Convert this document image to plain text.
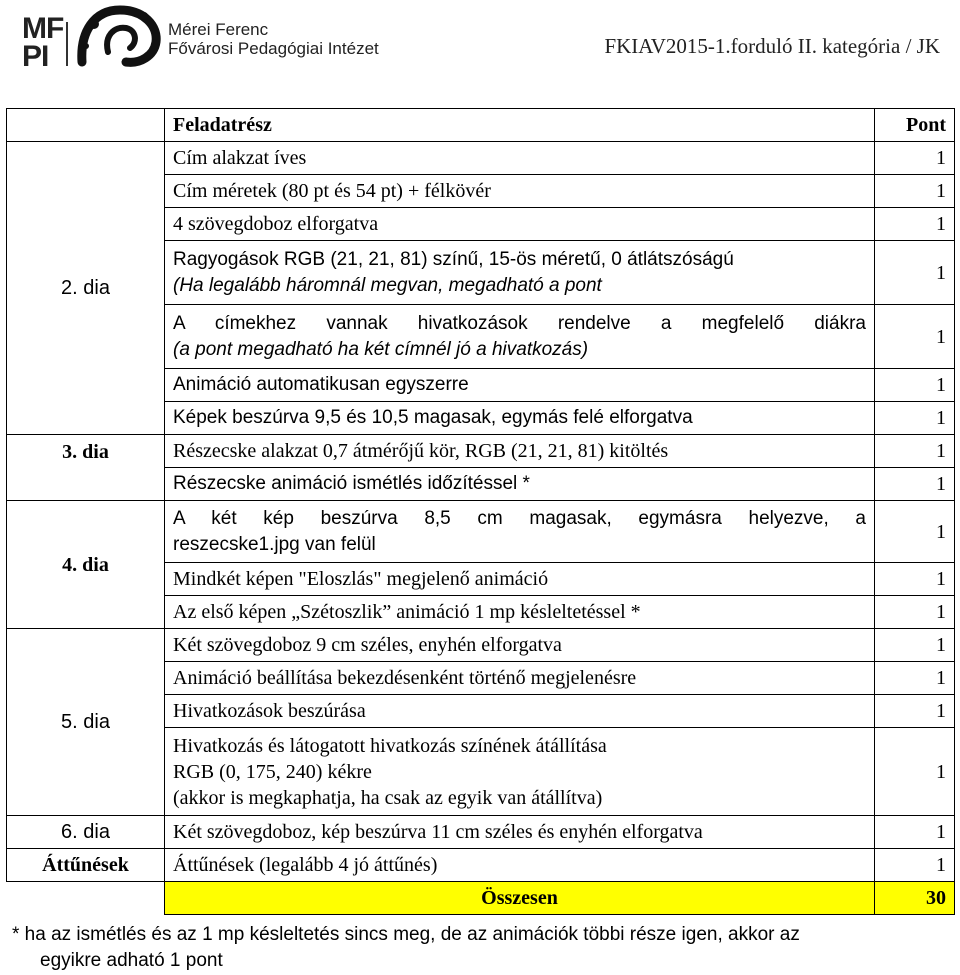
MF
PI
Mérei Ferenc
Fővárosi Pedagógiai Intézet	FKIAV2015-1.forduló II. kategória / JK
	Feladatrész	Pont
2. dia	Cím alakzat íves	1
	Cím méretek (80 pt és 54 pt) + félkövér	1
	4 szövegdoboz elforgatva	1

	Ragyogások RGB (21, 21, 81) színű, 15-ös méretű, 0 átlátszóságú
(Ha legalább háromnál megvan, megadható a pont	1

	A címekhez vannak hivatkozások rendelve a megfelelő diákra
(a pont megadható ha két címnél jó a hivatkozás)	1
	Animáció automatikusan egyszerre	1
	Képek beszúrva 9,5 és 10,5 magasak, egymás felé elforgatva	1
3. dia	Részecske alakzat 0,7 átmérőjű kör, RGB (21, 21, 81) kitöltés	1
	Részecske animáció ismétlés időzítéssel *	1
4. dia	A két kép beszúrva 8,5 cm magasak, egymásra helyezve, a
reszecske1.jpg van felül	1
	Mindkét képen "Eloszlás" megjelenő animáció	1
	Az első képen „Szétoszlik” animáció 1 mp késleltetéssel *	1
5. dia	Két szövegdoboz 9 cm széles, enyhén elforgatva	1
	Animáció beállítása bekezdésenként történő megjelenésre	1
	Hivatkozások beszúrása	1

	Hivatkozás és látogatott hivatkozás színének átállítása
RGB (0, 175, 240) kékre
(akkor is megkaphatja, ha csak az egyik van átállítva)	1
6. dia	Két szövegdoboz, kép beszúrva 11 cm széles és enyhén elforgatva	1
Áttűnések	Áttűnések (legalább 4 jó áttűnés)	1
	Összesen	30
* ha az ismétlés és az 1 mp késleltetés sincs meg, de az animációk többi része igen, akkor az
egyikre adható 1 pont
